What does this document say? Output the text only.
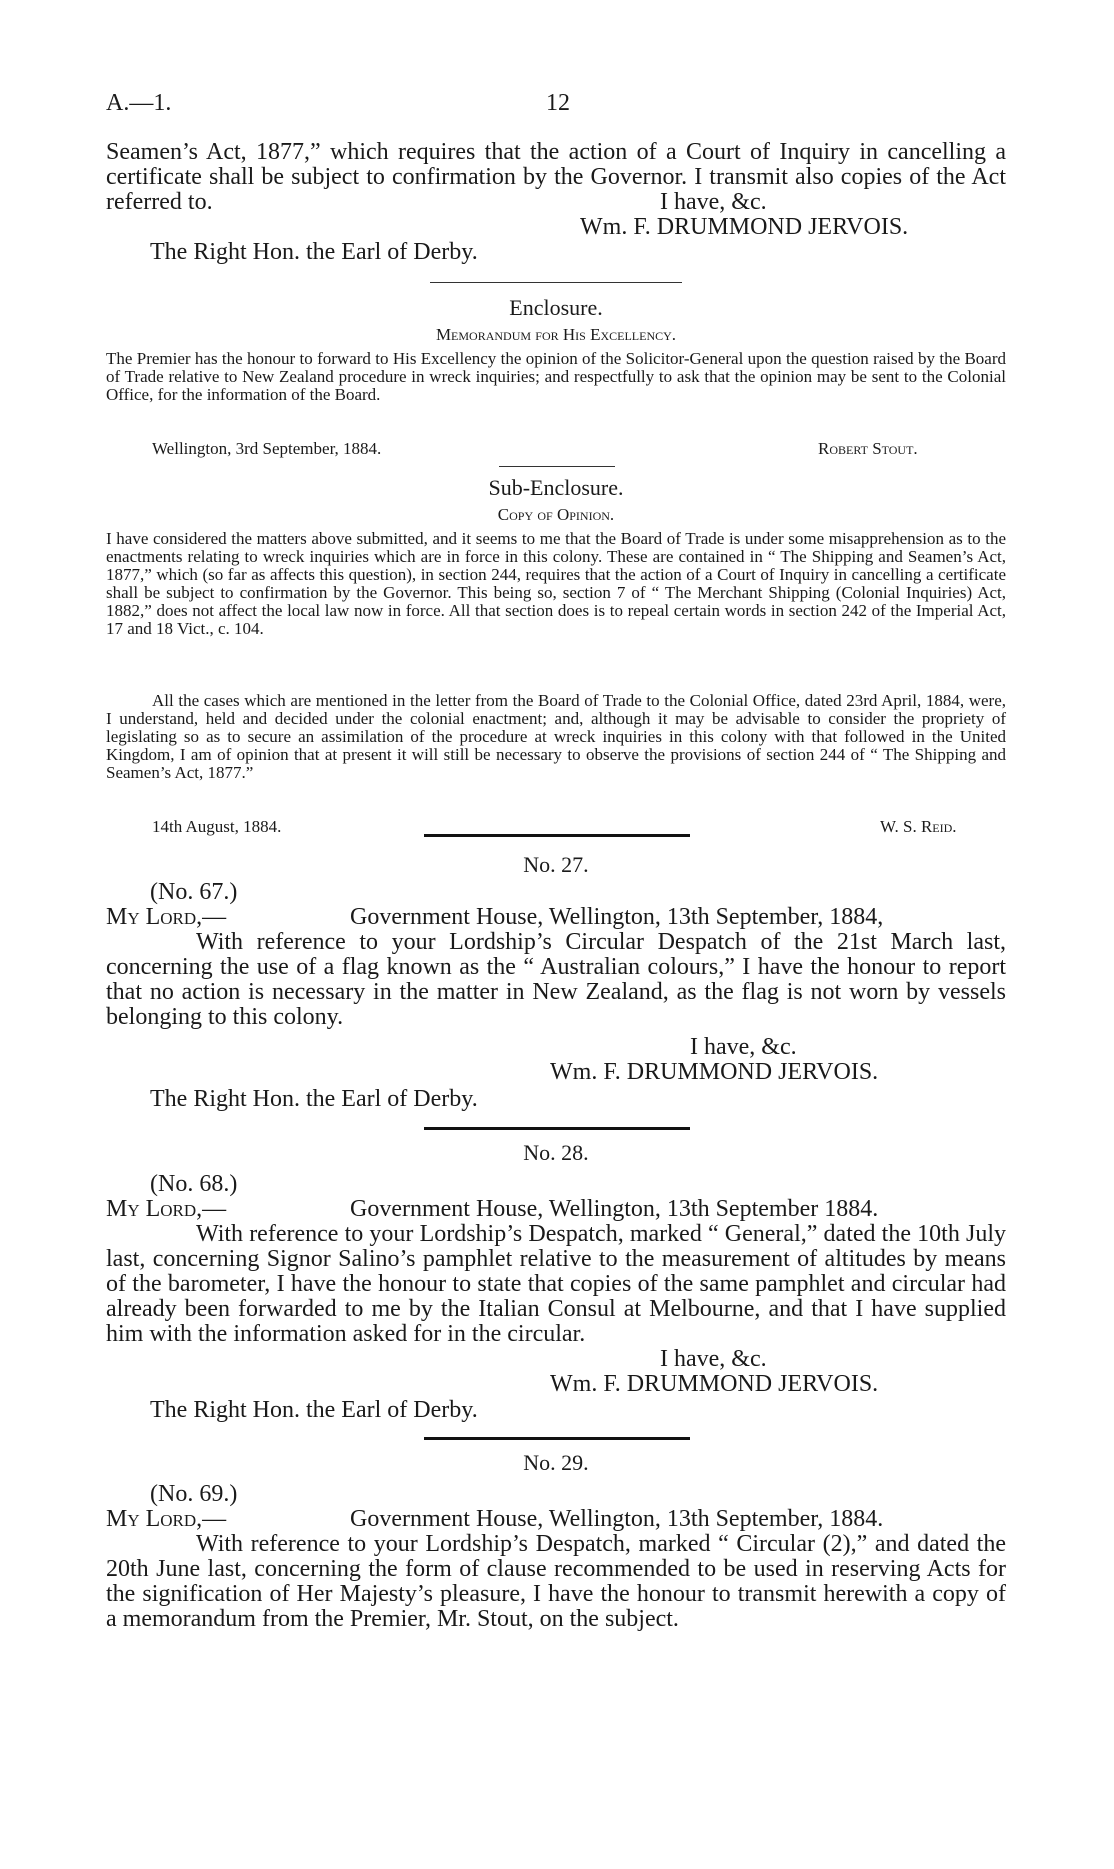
A.—1.	12

Seamen’s Act, 1877,” which requires that the action of a Court of Inquiry in cancelling a certificate shall be subject to confirmation by the Governor. I transmit also copies of the Act referred to.	I have, &c.
Wm. F. DRUMMOND JERVOIS.
The Right Hon. the Earl of Derby.
Enclosure.
Memorandum for His Excellency.

The Premier has the honour to forward to His Excellency the opinion of the Solicitor-General upon the question raised by the Board of Trade relative to New Zealand procedure in wreck inquiries; and respectfully to ask that the opinion may be sent to the Colonial Office, for the information of the Board.

Wellington, 3rd September, 1884.	Robert Stout.
Sub-Enclosure.
Copy of Opinion.

I have considered the matters above submitted, and it seems to me that the Board of Trade is under some misapprehension as to the enactments relating to wreck inquiries which are in force in this colony. These are contained in “ The Shipping and Seamen’s Act, 1877,” which (so far as affects this question), in section 244, requires that the action of a Court of Inquiry in cancelling a certificate shall be subject to confirmation by the Governor. This being so, section 7 of “ The Merchant Shipping (Colonial Inquiries) Act, 1882,” does not affect the local law now in force. All that section does is to repeal certain words in section 242 of the Imperial Act, 17 and 18 Vict., c. 104.

All the cases which are mentioned in the letter from the Board of Trade to the Colonial Office, dated 23rd April, 1884, were, I understand, held and decided under the colonial enactment; and, although it may be advisable to consider the propriety of legislating so as to secure an assimilation of the procedure at wreck inquiries in this colony with that followed in the United Kingdom, I am of opinion that at present it will still be necessary to observe the provisions of section 244 of “ The Shipping and Seamen’s Act, 1877.”

14th August, 1884.	W. S. Reid.
No. 27.
(No. 67.)
My Lord,—	Government House, Wellington, 13th September, 1884,

With reference to your Lordship’s Circular Despatch of the 21st March last, concerning the use of a flag known as the “ Australian colours,” I have the honour to report that no action is necessary in the matter in New Zealand, as the flag is not worn by vessels belonging to this colony.

I have, &c.
Wm. F. DRUMMOND JERVOIS.
The Right Hon. the Earl of Derby.
No. 28.
(No. 68.)
My Lord,—	Government House, Wellington, 13th September 1884.

With reference to your Lordship’s Despatch, marked “ General,” dated the 10th July last, concerning Signor Salino’s pamphlet relative to the measurement of altitudes by means of the barometer, I have the honour to state that copies of the same pamphlet and circular had already been forwarded to me by the Italian Consul at Melbourne, and that I have supplied him with the information asked for in the circular.

I have, &c.
Wm. F. DRUMMOND JERVOIS.
The Right Hon. the Earl of Derby.
No. 29.
(No. 69.)
My Lord,—	Government House, Wellington, 13th September, 1884.

With reference to your Lordship’s Despatch, marked “ Circular (2),” and dated the 20th June last, concerning the form of clause recommended to be used in reserving Acts for the signification of Her Majesty’s pleasure, I have the honour to transmit herewith a copy of a memorandum from the Premier, Mr. Stout, on the subject.
